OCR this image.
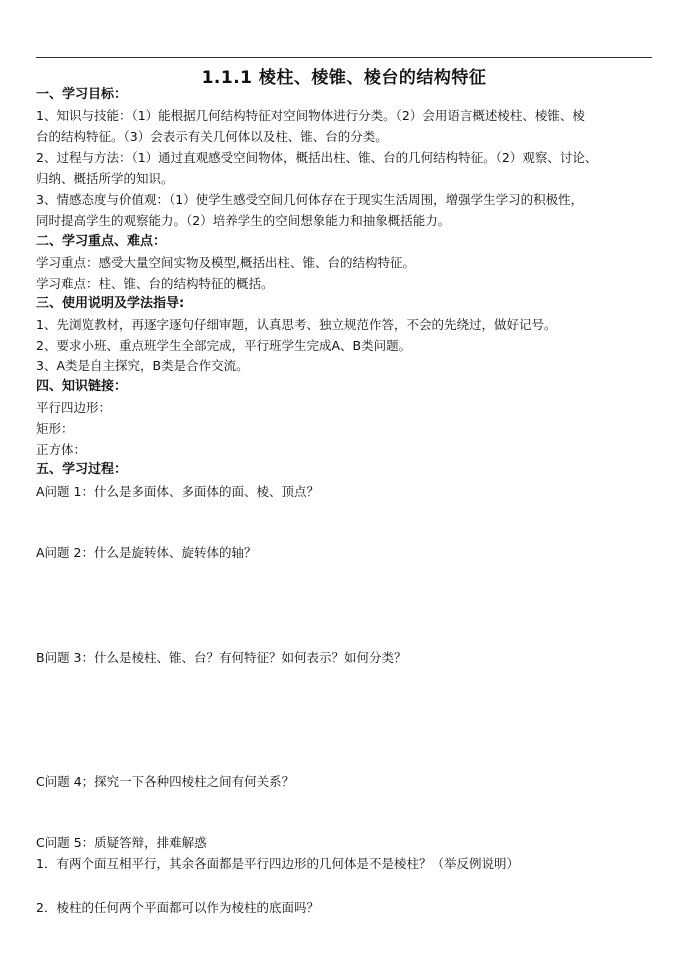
1.1.1 棱柱、棱锥、棱台的结构特征
一、学习目标：
1、知识与技能：（1）能根据几何结构特征对空间物体进行分类。（2）会用语言概述棱柱、棱锥、棱
台的结构特征。（3）会表示有关几何体以及柱、锥、台的分类。
2、过程与方法：（1）通过直观感受空间物体，概括出柱、锥、台的几何结构特征。（2）观察、讨论、
归纳、概括所学的知识。
3、情感态度与价值观：（1）使学生感受空间几何体存在于现实生活周围，增强学生学习的积极性，
同时提高学生的观察能力。（2）培养学生的空间想象能力和抽象概括能力。
二、学习重点、难点：
学习重点：感受大量空间实物及模型,概括出柱、锥、台的结构特征。
学习难点：柱、锥、台的结构特征的概括。
三、使用说明及学法指导:
1、先浏览教材，再逐字逐句仔细审题，认真思考、独立规范作答，不会的先绕过，做好记号。
2、要求小班、重点班学生全部完成，平行班学生完成A、B类问题。
3、A类是自主探究，B类是合作交流。
四、知识链接：
平行四边形：
矩形：
正方体：
五、学习过程：
A问题 1：什么是多面体、多面体的面、棱、顶点？
A问题 2：什么是旋转体、旋转体的轴？
B问题 3：什么是棱柱、锥、台？有何特征？如何表示？如何分类？
C问题 4；探究一下各种四棱柱之间有何关系？
C问题 5：质疑答辩，排难解惑
1．有两个面互相平行，其余各面都是平行四边形的几何体是不是棱柱？（举反例说明）
2．棱柱的任何两个平面都可以作为棱柱的底面吗？
